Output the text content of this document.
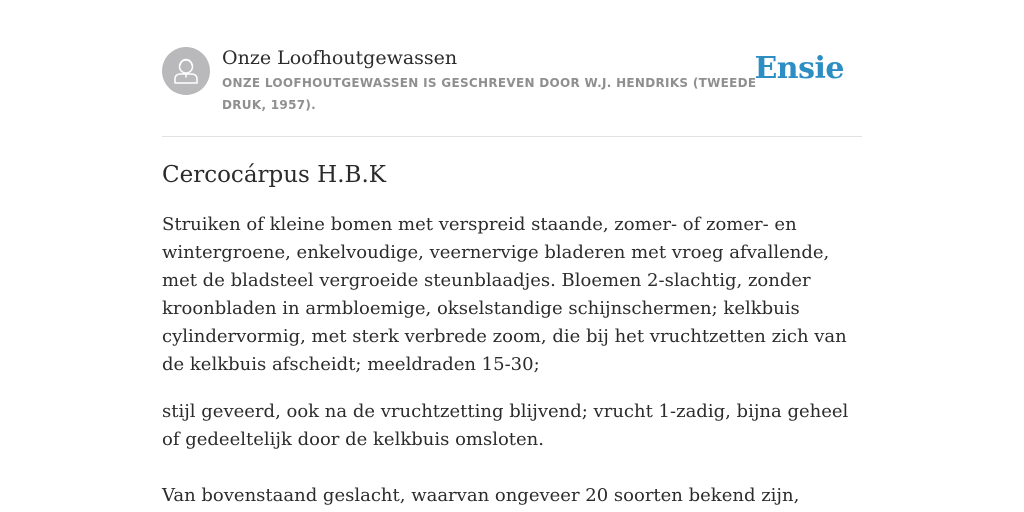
Onze Loofhoutgewassen
ONZE LOOFHOUTGEWASSEN IS GESCHREVEN DOOR W.J. HENDRIKS (TWEEDE DRUK, 1957).
Ensie
Cercocárpus H.B.K

Struiken of kleine bomen met verspreid staande, zomer- of zomer- en wintergroene, enkelvoudige, veernervige bladeren met vroeg afvallende, met de bladsteel vergroeide steunblaadjes. Bloemen 2-slachtig, zonder kroonbladen in armbloemige, okselstandige schijnschermen; kelkbuis cylindervormig, met sterk verbrede zoom, die bij het vruchtzetten zich van de kelkbuis afscheidt; meeldraden 15-30;

stijl geveerd, ook na de vruchtzetting blijvend; vrucht 1-zadig, bijna geheel of gedeeltelijk door de kelkbuis omsloten.

Van bovenstaand geslacht, waarvan ongeveer 20 soorten bekend zijn,
